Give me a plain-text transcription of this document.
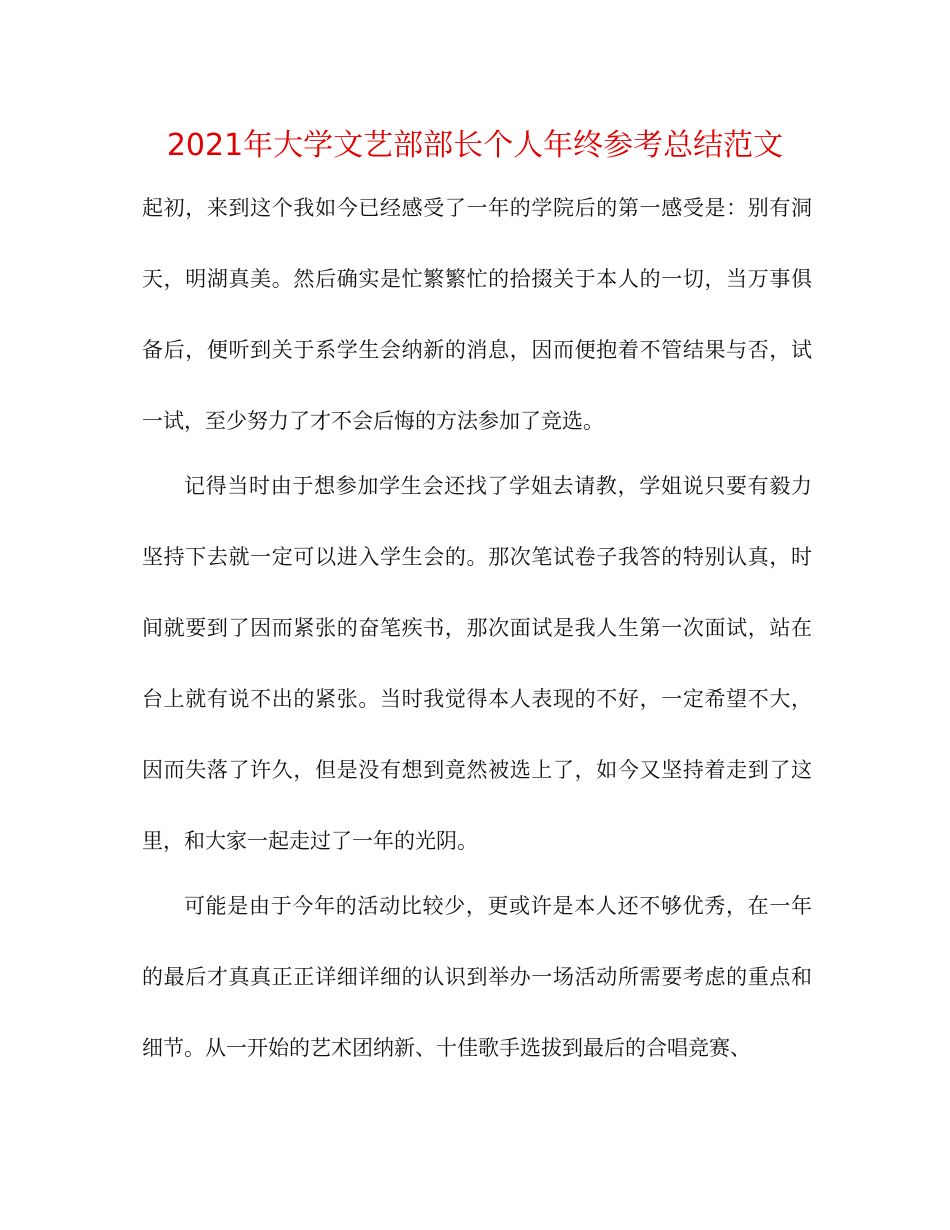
2021年大学文艺部部长个人年终参考总结范文

起初，来到这个我如今已经感受了一年的学院后的第一感受是：别有洞天，明湖真美。然后确实是忙繁繁忙的拾掇关于本人的一切，当万事俱备后，便听到关于系学生会纳新的消息，因而便抱着不管结果与否，试一试，至少努力了才不会后悔的方法参加了竞选。

记得当时由于想参加学生会还找了学姐去请教，学姐说只要有毅力坚持下去就一定可以进入学生会的。那次笔试卷子我答的特别认真，时间就要到了因而紧张的奋笔疾书，那次面试是我人生第一次面试，站在台上就有说不出的紧张。当时我觉得本人表现的不好，一定希望不大，因而失落了许久，但是没有想到竟然被选上了，如今又坚持着走到了这里，和大家一起走过了一年的光阴。

可能是由于今年的活动比较少，更或许是本人还不够优秀，在一年的最后才真真正正详细详细的认识到举办一场活动所需要考虑的重点和细节。从一开始的艺术团纳新、十佳歌手选拔到最后的合唱竞赛、
